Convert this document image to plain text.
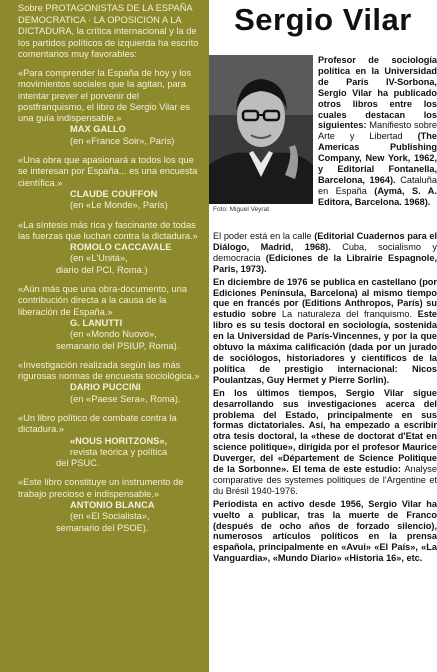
Sobre PROTAGONISTAS DE LA ESPAÑA DEMOCRATICA · LA OPOSICION A LA DICTADURA, la crítica internacional y la de los partidos políticos de izquierda ha escrito comentarios muy favorables:

«Para comprender la España de hoy y los movimientos sociales que la agitan, para intentar prever el porvenir del postfranquismo, el libro de Sergio Vilar es una guía indispensable.»
MAX GALLO
(en «France Soir», París)
«Una obra que apasionará a todos los que se interesan por España... es una encuesta científica.»
CLAUDE COUFFON
(en «Le Monde», París)
«La síntesis más rica y fascinante de todas las fuerzas que luchan contra la dictadura.»
ROMOLO CACCAVALE
(en «L'Unitá»,
diario del PCI, Roma.)
«Aún más que una obra-documento, una contribución directa a la causa de la liberación de España.»
G. LANUTTI
(en «Mondo Nuovo»,
semanario del PSIUP, Roma).
«Investigación realizada según las más rigurosas normas de encuesta sociológica.»
DARIO PUCCINI
(en «Paese Sera», Roma).
«Un libro político de combate contra la dictadura.»
«NOUS HORITZONS»,
revista teórica y política
del PSUC.
«Este libro constituye un instrumento de trabajo precioso e indispensable.»
ANTONIO BLANCA
(en «El Socialista»,
semanario del PSOE).
Sergio Vilar
Foto: Miguel Veyrat

Profesor de sociología política en la Universidad de París IV-Sorbona, Sergio Vilar ha publicado otros libros entre los cuales destacan los siguientes: Manifiesto sobre Arte y Libertad (The Americas Publishing Company, New York, 1962, y Editorial Fontanella, Barcelona, 1964). Cataluña en España (Aymá, S. A. Editora, Barcelona. 1968).

El poder está en la calle (Editorial Cuadernos para el Diálogo, Madrid, 1968). Cuba, socialismo y democracia (Ediciones de la Librairie Espagnole, Paris, 1973).

En diciembre de 1976 se publica en castellano (por Ediciones Península, Barcelona) al mismo tiempo que en francés por (Editions Anthropos, París) su estudio sobre La naturaleza del franquismo. Este libro es su tesis doctoral en sociología, sostenida en la Universidad de París-Vincennes, y por la que obtuvo la máxima calificación (dada por un jurado de sociólogos, historiadores y científicos de la política de prestigio internacional: Nicos Poulantzas, Guy Hermet y Pierre Sorlin).

En los últimos tiempos, Sergio Vilar sigue desarrollando sus investigaciones acerca del problema del Estado, principalmente en sus formas dictatoriales. Así, ha empezado a escribir otra tesis doctoral, la «these de doctorat d'Etat en science politique», dirigida por el profesor Maurice Duverger, del «Département de Science Politique de la Sorbonne». El tema de este estudio: Analyse comparative des systemes politiques de l'Argentine et du Brésil 1940-1976.

Periodista en activo desde 1956, Sergio Vilar ha vuelto a publicar, tras la muerte de Franco (después de ocho años de forzado silencio), numerosos artículos políticos en la prensa española, principalmente en «Avui» «El País», «La Vanguardia», «Mundo Diario» «Historia 16», etc.
